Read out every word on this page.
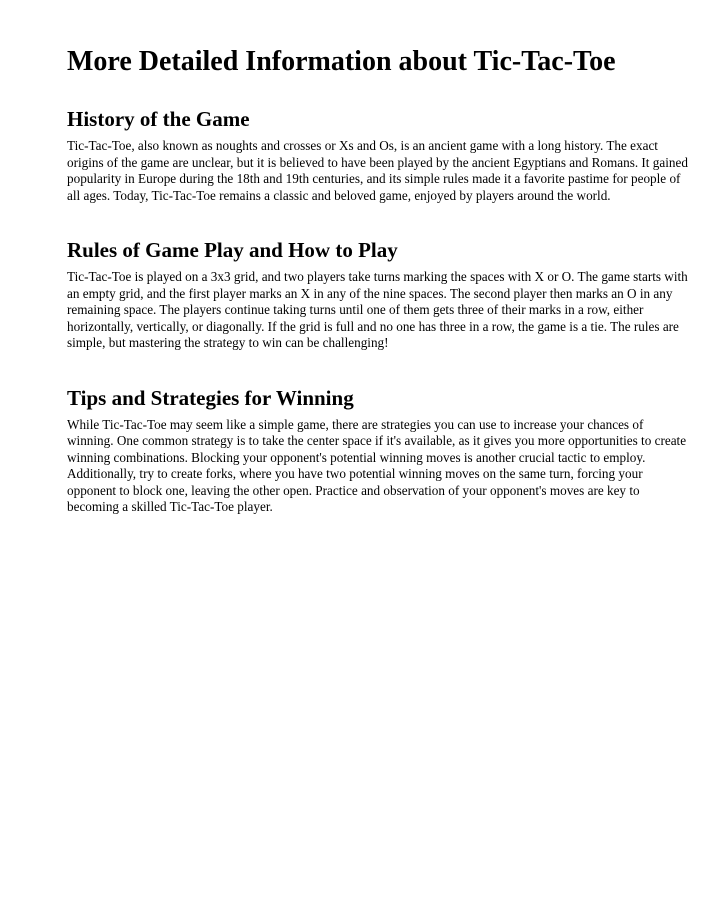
More Detailed Information about Tic-Tac-Toe
History of the Game

Tic-Tac-Toe, also known as noughts and crosses or Xs and Os, is an ancient game with a long history. The exact origins of the game are unclear, but it is believed to have been played by the ancient Egyptians and Romans. It gained popularity in Europe during the 18th and 19th centuries, and its simple rules made it a favorite pastime for people of all ages. Today, Tic-Tac-Toe remains a classic and beloved game, enjoyed by players around the world.

Rules of Game Play and How to Play

Tic-Tac-Toe is played on a 3x3 grid, and two players take turns marking the spaces with X or O. The game starts with an empty grid, and the first player marks an X in any of the nine spaces. The second player then marks an O in any remaining space. The players continue taking turns until one of them gets three of their marks in a row, either horizontally, vertically, or diagonally. If the grid is full and no one has three in a row, the game is a tie. The rules are simple, but mastering the strategy to win can be challenging!

Tips and Strategies for Winning

While Tic-Tac-Toe may seem like a simple game, there are strategies you can use to increase your chances of winning. One common strategy is to take the center space if it's available, as it gives you more opportunities to create winning combinations. Blocking your opponent's potential winning moves is another crucial tactic to employ. Additionally, try to create forks, where you have two potential winning moves on the same turn, forcing your opponent to block one, leaving the other open. Practice and observation of your opponent's moves are key to becoming a skilled Tic-Tac-Toe player.
